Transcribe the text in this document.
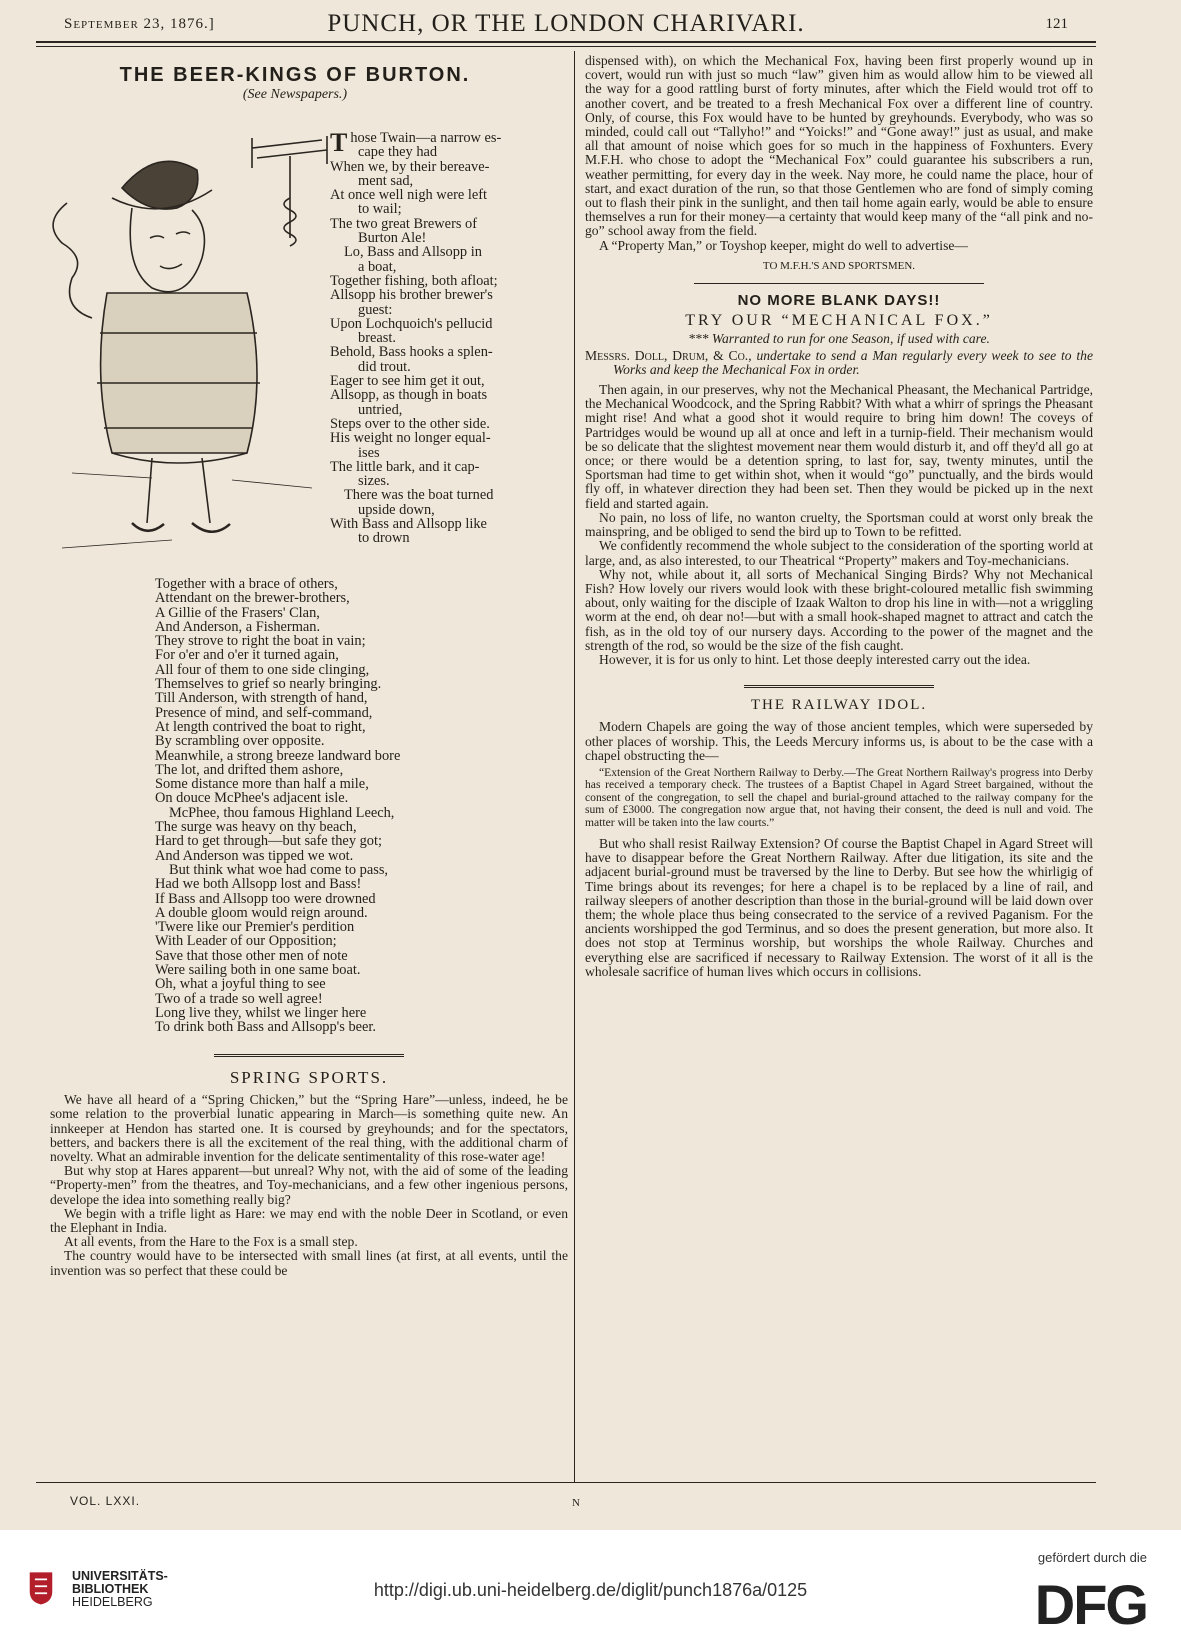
September 23, 1876.]	PUNCH, OR THE LONDON CHARIVARI.	121
THE BEER-KINGS OF BURTON.
(See Newspapers.)
Those Twain—a narrow es-
cape they had
When we, by their bereave-
ment sad,
At once well nigh were left
to wail;
The two great Brewers of
Burton Ale!
Lo, Bass and Allsopp in
a boat,
Together fishing, both afloat;
Allsopp his brother brewer's
guest:
Upon Lochquoich's pellucid
breast.
Behold, Bass hooks a splen-
did trout.
Eager to see him get it out,
Allsopp, as though in boats
untried,
Steps over to the other side.
His weight no longer equal-
ises
The little bark, and it cap-
sizes.
There was the boat turned
upside down,
With Bass and Allsopp like
to drown
Together with a brace of others,
Attendant on the brewer-brothers,
A Gillie of the Frasers' Clan,
And Anderson, a Fisherman.
They strove to right the boat in vain;
For o'er and o'er it turned again,
All four of them to one side clinging,
Themselves to grief so nearly bringing.
Till Anderson, with strength of hand,
Presence of mind, and self-command,
At length contrived the boat to right,
By scrambling over opposite.
Meanwhile, a strong breeze landward bore
The lot, and drifted them ashore,
Some distance more than half a mile,
On douce McPhee's adjacent isle.
McPhee, thou famous Highland Leech,
The surge was heavy on thy beach,
Hard to get through—but safe they got;
And Anderson was tipped we wot.
But think what woe had come to pass,
Had we both Allsopp lost and Bass!
If Bass and Allsopp too were drowned
A double gloom would reign around.
'Twere like our Premier's perdition
With Leader of our Opposition;
Save that those other men of note
Were sailing both in one same boat.
Oh, what a joyful thing to see
Two of a trade so well agree!
Long live they, whilst we linger here
To drink both Bass and Allsopp's beer.
SPRING SPORTS.

We have all heard of a “Spring Chicken,” but the “Spring Hare”—unless, indeed, he be some relation to the proverbial lunatic appearing in March—is something quite new. An innkeeper at Hendon has started one. It is coursed by greyhounds; and for the spectators, betters, and backers there is all the excitement of the real thing, with the additional charm of novelty. What an admirable invention for the delicate sentimentality of this rose-water age!

But why stop at Hares apparent—but unreal? Why not, with the aid of some of the leading “Property-men” from the theatres, and Toy-mechanicians, and a few other ingenious persons, develope the idea into something really big?

We begin with a trifle light as Hare: we may end with the noble Deer in Scotland, or even the Elephant in India.

At all events, from the Hare to the Fox is a small step.

The country would have to be intersected with small lines (at first, at all events, until the invention was so perfect that these could be

dispensed with), on which the Mechanical Fox, having been first properly wound up in covert, would run with just so much “law” given him as would allow him to be viewed all the way for a good rattling burst of forty minutes, after which the Field would trot off to another covert, and be treated to a fresh Mechanical Fox over a different line of country. Only, of course, this Fox would have to be hunted by greyhounds. Everybody, who was so minded, could call out “Tallyho!” and “Yoicks!” and “Gone away!” just as usual, and make all that amount of noise which goes for so much in the happiness of Foxhunters. Every M.F.H. who chose to adopt the “Mechanical Fox” could guarantee his subscribers a run, weather permitting, for every day in the week. Nay more, he could name the place, hour of start, and exact duration of the run, so that those Gentlemen who are fond of simply coming out to flash their pink in the sunlight, and then tail home again early, would be able to ensure themselves a run for their money—a certainty that would keep many of the “all pink and no-go” school away from the field.

A “Property Man,” or Toyshop keeper, might do well to advertise—

TO M.F.H.'S AND SPORTSMEN.
NO MORE BLANK DAYS!!
TRY OUR “MECHANICAL FOX.”
*** Warranted to run for one Season, if used with care.

Messrs. Doll, Drum, & Co., undertake to send a Man regularly every week to see to the Works and keep the Mechanical Fox in order.

Then again, in our preserves, why not the Mechanical Pheasant, the Mechanical Partridge, the Mechanical Woodcock, and the Spring Rabbit? With what a whirr of springs the Pheasant might rise! And what a good shot it would require to bring him down! The coveys of Partridges would be wound up all at once and left in a turnip-field. Their mechanism would be so delicate that the slightest movement near them would disturb it, and off they'd all go at once; or there would be a detention spring, to last for, say, twenty minutes, until the Sportsman had time to get within shot, when it would “go” punctually, and the birds would fly off, in whatever direction they had been set. Then they would be picked up in the next field and started again.

No pain, no loss of life, no wanton cruelty, the Sportsman could at worst only break the mainspring, and be obliged to send the bird up to Town to be refitted.

We confidently recommend the whole subject to the consideration of the sporting world at large, and, as also interested, to our Theatrical “Property” makers and Toy-mechanicians.

Why not, while about it, all sorts of Mechanical Singing Birds? Why not Mechanical Fish? How lovely our rivers would look with these bright-coloured metallic fish swimming about, only waiting for the disciple of Izaak Walton to drop his line in with—not a wriggling worm at the end, oh dear no!—but with a small hook-shaped magnet to attract and catch the fish, as in the old toy of our nursery days. According to the power of the magnet and the strength of the rod, so would be the size of the fish caught.

However, it is for us only to hint. Let those deeply interested carry out the idea.

THE RAILWAY IDOL.

Modern Chapels are going the way of those ancient temples, which were superseded by other places of worship. This, the Leeds Mercury informs us, is about to be the case with a chapel obstructing the—

“Extension of the Great Northern Railway to Derby.—The Great Northern Railway's progress into Derby has received a temporary check. The trustees of a Baptist Chapel in Agard Street bargained, without the consent of the congregation, to sell the chapel and burial-ground attached to the railway company for the sum of £3000. The congregation now argue that, not having their consent, the deed is null and void. The matter will be taken into the law courts.”

But who shall resist Railway Extension? Of course the Baptist Chapel in Agard Street will have to disappear before the Great Northern Railway. After due litigation, its site and the adjacent burial-ground must be traversed by the line to Derby. But see how the whirligig of Time brings about its revenges; for here a chapel is to be replaced by a line of rail, and railway sleepers of another description than those in the burial-ground will be laid down over them; the whole place thus being consecrated to the service of a revived Paganism. For the ancients worshipped the god Terminus, and so does the present generation, but more also. It does not stop at Terminus worship, but worships the whole Railway. Churches and everything else are sacrificed if necessary to Railway Extension. The worst of it all is the wholesale sacrifice of human lives which occurs in collisions.

VOL. LXXI.	N
UNIVERSITÄTS-
BIBLIOTHEK
HEIDELBERG
http://digi.ub.uni-heidelberg.de/diglit/punch1876a/0125
gefördert durch die
DFG
